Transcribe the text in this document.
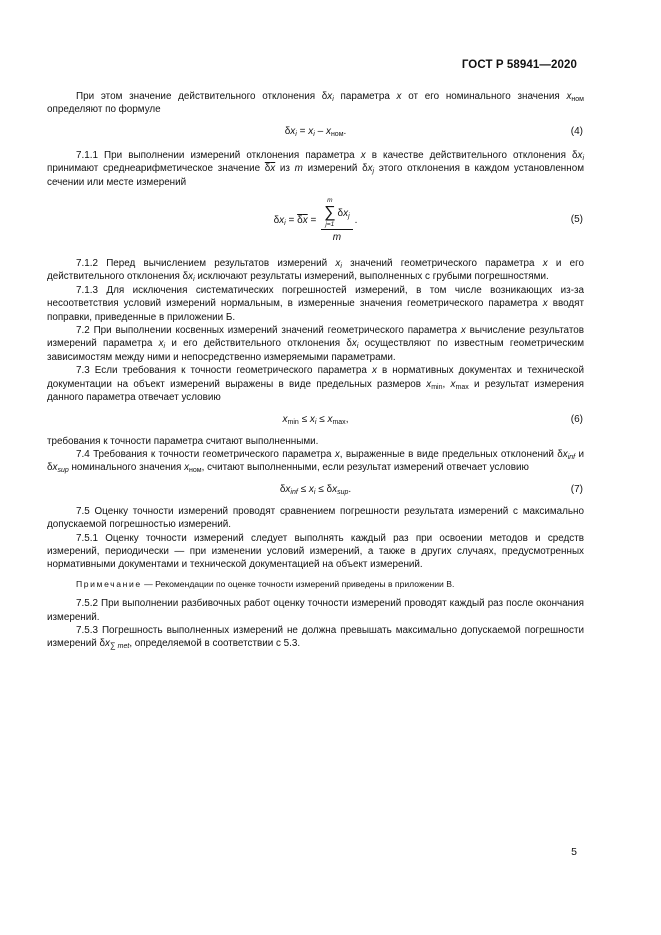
ГОСТ Р 58941—2020

При этом значение действительного отклонения $\delta x_i$ параметра x от его номинального значения $x_{ном}$ определяют по формуле

$\delta x_i = x_i - x_{ном}$.	(4)

7.1.1 При выполнении измерений отклонения параметра x в качестве действительного отклонения $\delta x_i$ принимают среднеарифметическое значение δx из m измерений $\delta x_j$ этого отклонения в каждом установленном сечении или месте измерений

$\delta x_i = \delta x = m$
∑
j=1
$\delta x_j$
m .	(5)

7.1.2 Перед вычислением результатов измерений $x_i$ значений геометрического параметра x и его действительного отклонения $\delta x_i$ исключают результаты измерений, выполненных с грубыми погрешностями.

7.1.3 Для исключения систематических погрешностей измерений, в том числе возникающих из-за несоответствия условий измерений нормальным, в измеренные значения геометрического параметра x вводят поправки, приведенные в приложении Б.

7.2 При выполнении косвенных измерений значений геометрического параметра x вычисление результатов измерений параметра $x_i$ и его действительного отклонения $\delta x_i$ осуществляют по известным геометрическим зависимостям между ними и непосредственно измеряемыми параметрами.

7.3 Если требования к точности геометрического параметра x в нормативных документах и технической документации на объект измерений выражены в виде предельных размеров $x_{min}$, $x_{max}$ и результат измерения данного параметра отвечает условию

$x_{min} \le x_i \le x_{max}$,	(6)

требования к точности параметра считают выполненными.

7.4 Требования к точности геометрического параметра x, выраженные в виде предельных отклонений $\delta x_{inf}$ и $\delta x_{sup}$ номинального значения $x_{ном}$, считают выполненными, если результат измерений отвечает условию

$\delta x_{inf} \le x_i \le \delta x_{sup}$.	(7)

7.5 Оценку точности измерений проводят сравнением погрешности результата измерений с максимально допускаемой погрешностью измерений.

7.5.1 Оценку точности измерений следует выполнять каждый раз при освоении методов и средств измерений, периодически — при изменении условий измерений, а также в других случаях, предусмотренных нормативными документами и технической документацией на объект измерений.

Примечание — Рекомендации по оценке точности измерений приведены в приложении В.

7.5.2 При выполнении разбивочных работ оценку точности измерений проводят каждый раз после окончания измерений.

7.5.3 Погрешность выполненных измерений не должна превышать максимально допускаемой погрешности измерений $\delta x_{\sum met}$, определяемой в соответствии с 5.3.

5
